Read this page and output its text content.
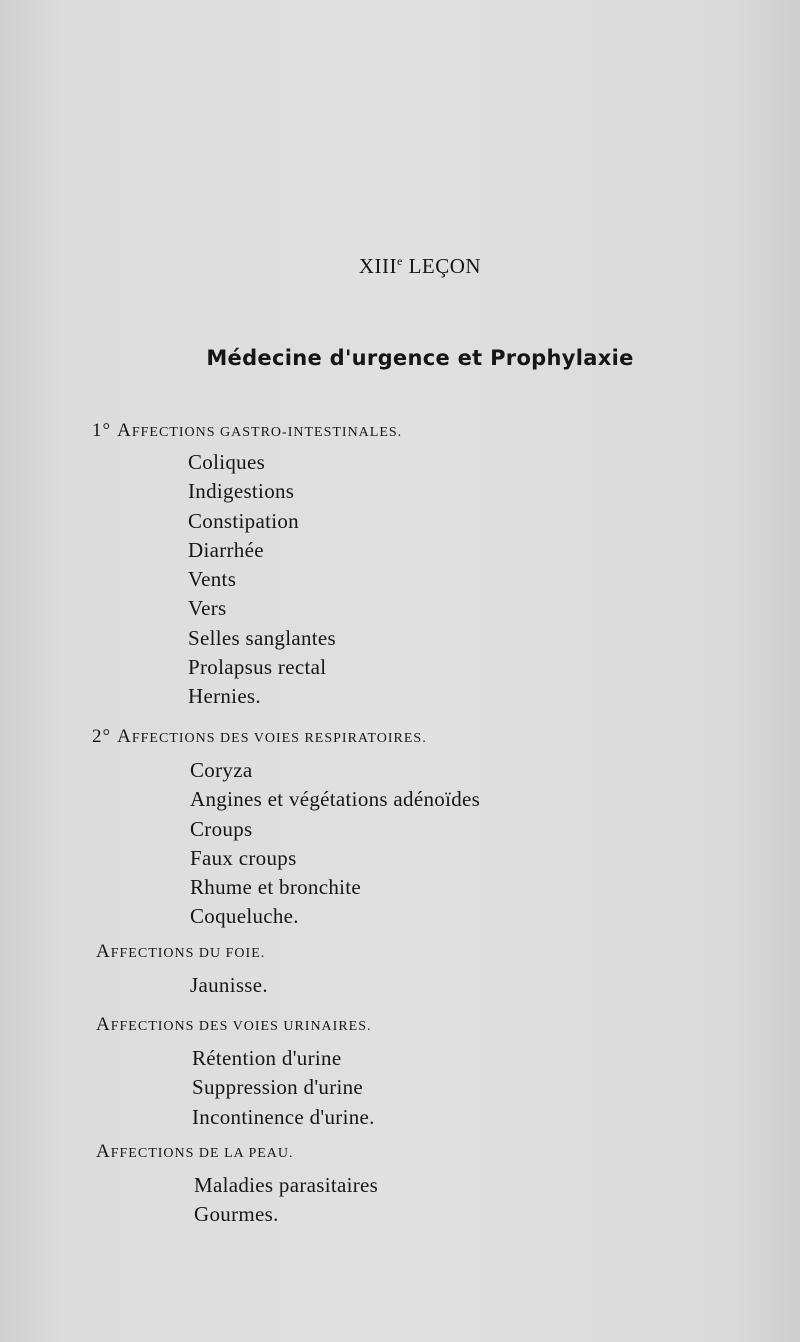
XIIIe LEÇON
Médecine d'urgence et Prophylaxie
1° AFFECTIONS GASTRO-INTESTINALES.
Coliques
Indigestions
Constipation
Diarrhée
Vents
Vers
Selles sanglantes
Prolapsus rectal
Hernies.
2° AFFECTIONS DES VOIES RESPIRATOIRES.
Coryza
Angines et végétations adénoïdes
Croups
Faux croups
Rhume et bronchite
Coqueluche.
AFFECTIONS DU FOIE.
Jaunisse.
AFFECTIONS DES VOIES URINAIRES.
Rétention d'urine
Suppression d'urine
Incontinence d'urine.
AFFECTIONS DE LA PEAU.
Maladies parasitaires
Gourmes.
